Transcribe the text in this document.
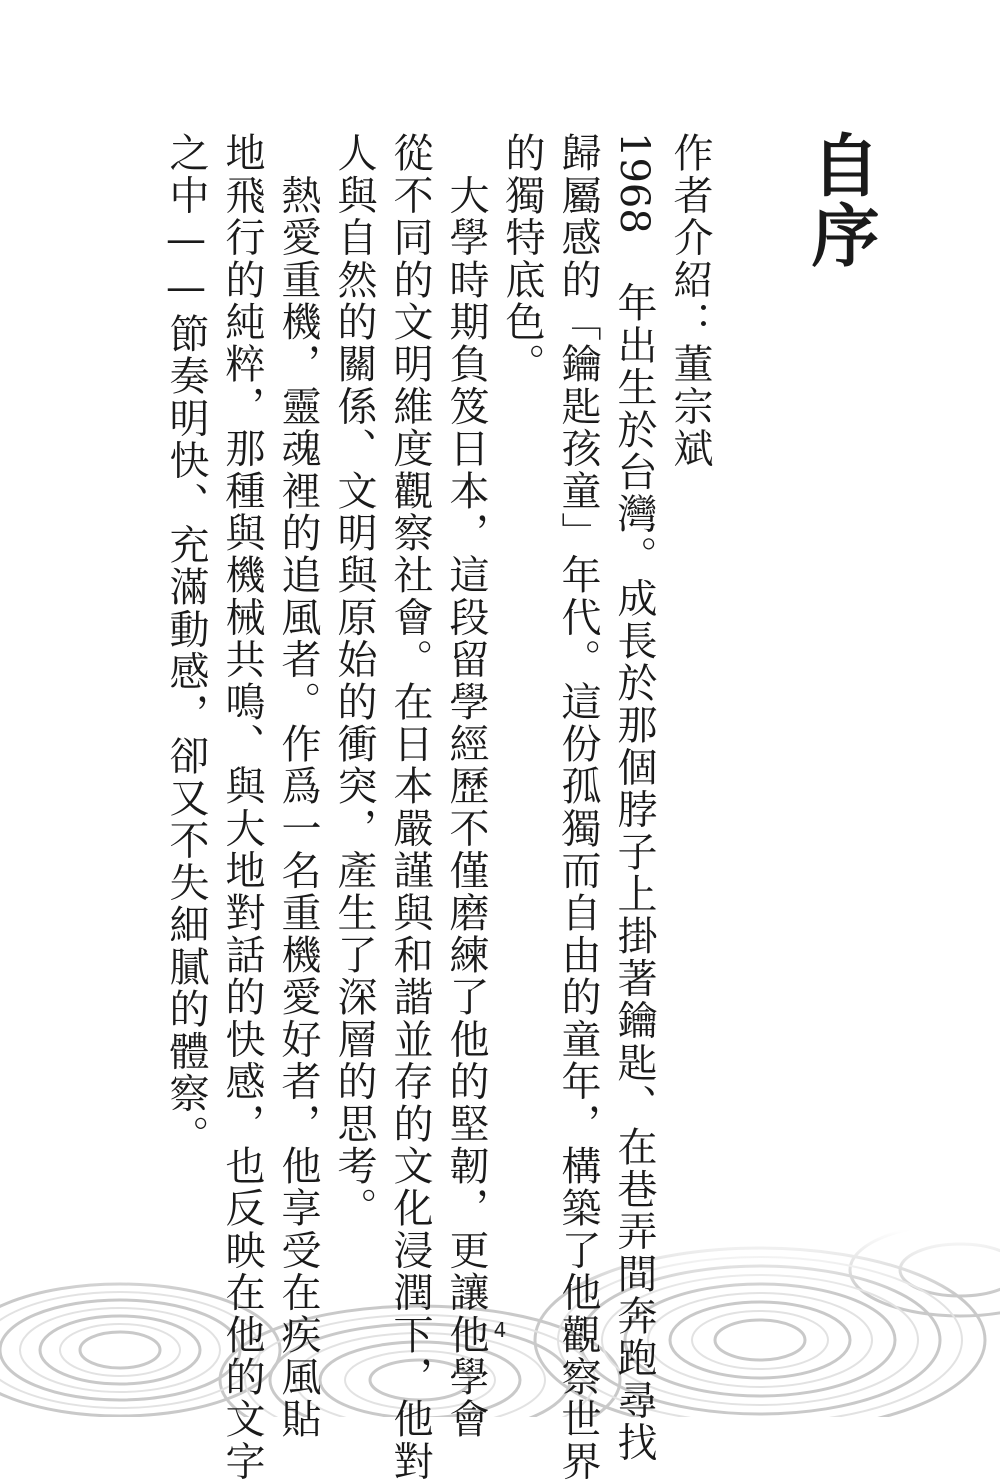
自序
作者介紹：董宗斌
1968 年出生於台灣。成長於那個脖子上掛著鑰匙、在巷弄間奔跑尋找
歸屬感的「鑰匙孩童」年代。這份孤獨而自由的童年，構築了他觀察世界
的獨特底色。
　大學時期負笈日本，這段留學經歷不僅磨練了他的堅韌，更讓他學會
從不同的文明維度觀察社會。在日本嚴謹與和諧並存的文化浸潤下，他對
人與自然的關係、文明與原始的衝突，產生了深層的思考。
　熱愛重機，靈魂裡的追風者。作爲一名重機愛好者，他享受在疾風貼
地飛行的純粹，那種與機械共鳴、與大地對話的快感，也反映在他的文字
之中——節奏明快、充滿動感，卻又不失細膩的體察。
4
